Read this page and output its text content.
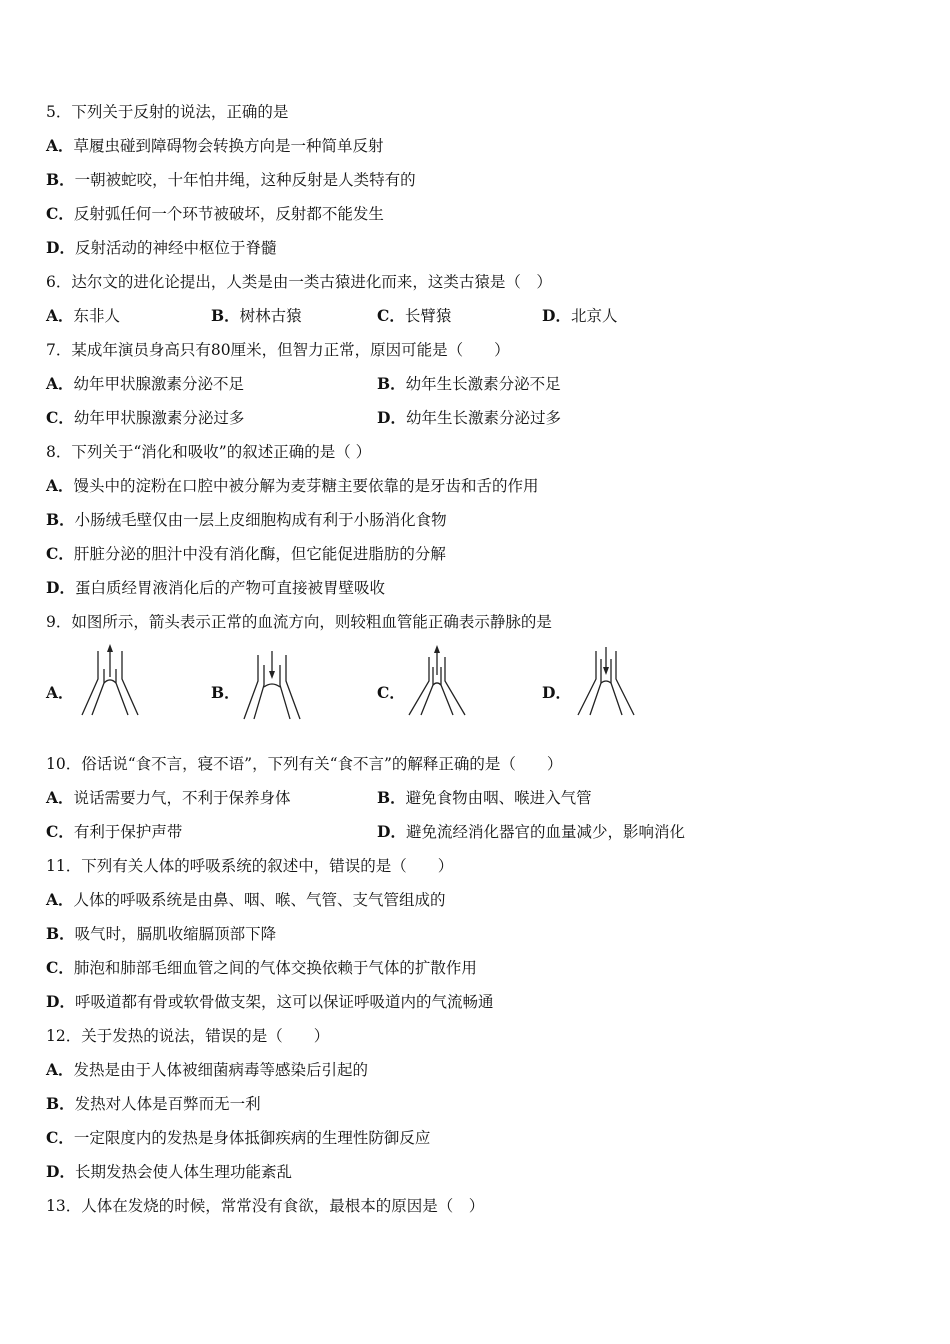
5．下列关于反射的说法，正确的是
A．草履虫碰到障碍物会转换方向是一种简单反射
B．一朝被蛇咬，十年怕井绳，这种反射是人类特有的
C．反射弧任何一个环节被破坏，反射都不能发生
D．反射活动的神经中枢位于脊髓
6．达尔文的进化论提出，人类是由一类古猿进化而来，这类古猿是（　）
A．东非人	B．树林古猿	C．长臂猿	D．北京人
7．某成年演员身高只有80厘米，但智力正常，原因可能是（　　）
A．幼年甲状腺激素分泌不足	B．幼年生长激素分泌不足
C．幼年甲状腺激素分泌过多	D．幼年生长激素分泌过多
8．下列关于“消化和吸收”的叙述正确的是（ ）
A．馒头中的淀粉在口腔中被分解为麦芽糖主要依靠的是牙齿和舌的作用
B．小肠绒毛壁仅由一层上皮细胞构成有利于小肠消化食物
C．肝脏分泌的胆汁中没有消化酶，但它能促进脂肪的分解
D．蛋白质经胃液消化后的产物可直接被胃壁吸收
9．如图所示，箭头表示正常的血流方向，则较粗血管能正确表示静脉的是
A．	B．	C．	D．
10．俗话说“食不言，寝不语”，下列有关“食不言”的解释正确的是（　　）
A．说话需要力气，不利于保养身体	B．避免食物由咽、喉进入气管
C．有利于保护声带	D．避免流经消化器官的血量减少，影响消化
11．下列有关人体的呼吸系统的叙述中，错误的是（　　）
A．人体的呼吸系统是由鼻、咽、喉、气管、支气管组成的
B．吸气时，膈肌收缩膈顶部下降
C．肺泡和肺部毛细血管之间的气体交换依赖于气体的扩散作用
D．呼吸道都有骨或软骨做支架，这可以保证呼吸道内的气流畅通
12．关于发热的说法，错误的是（　　）
A．发热是由于人体被细菌病毒等感染后引起的
B．发热对人体是百弊而无一利
C．一定限度内的发热是身体抵御疾病的生理性防御反应
D．长期发热会使人体生理功能紊乱
13．人体在发烧的时候，常常没有食欲，最根本的原因是（　）
